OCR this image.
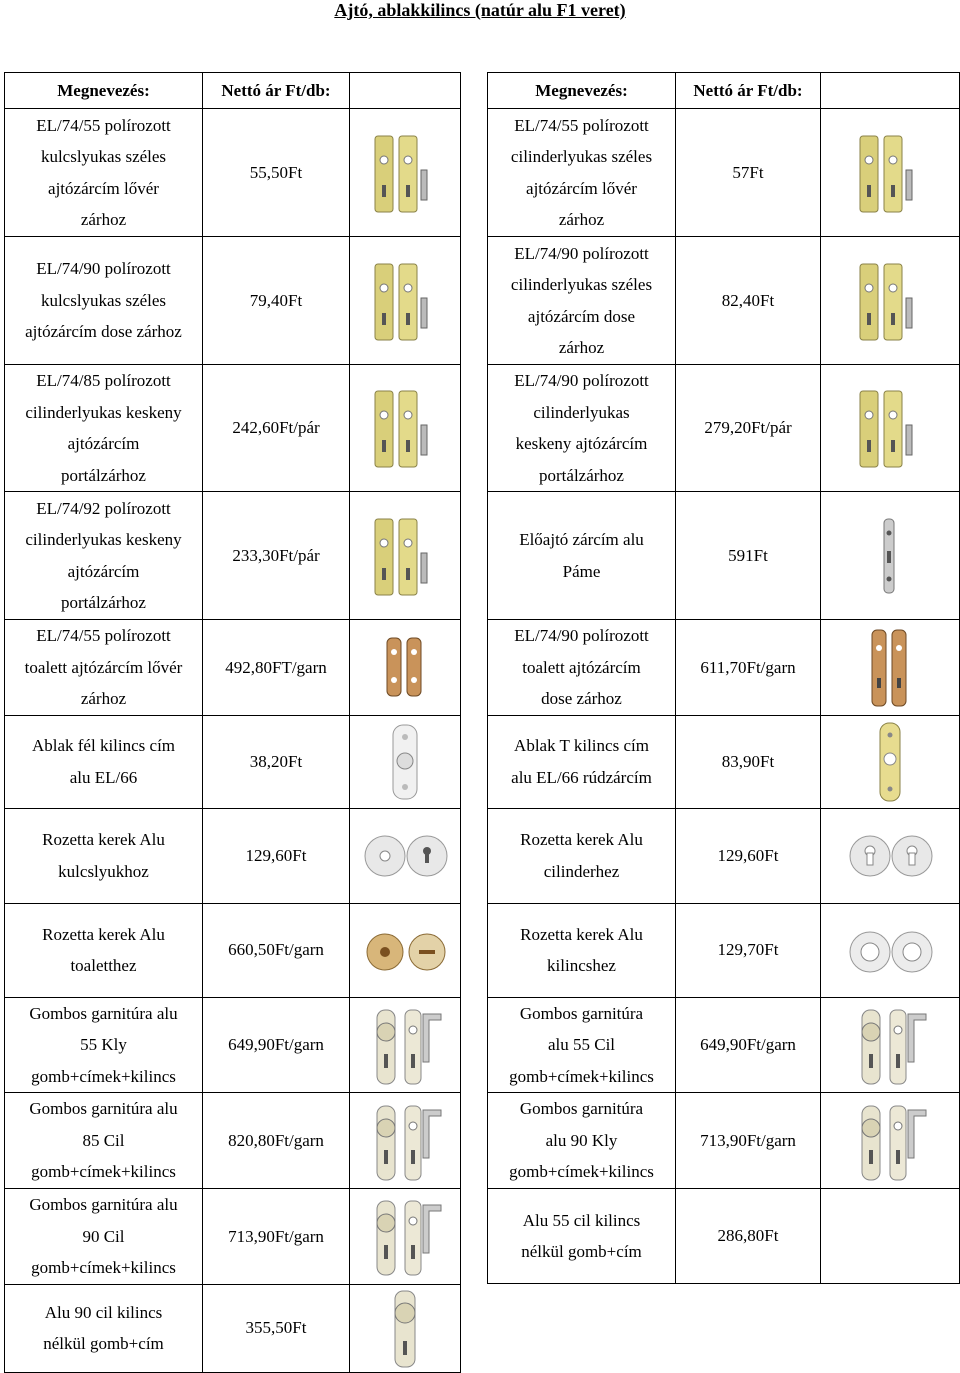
Ajtó, ablakkilincs (natúr alu F1 veret)
Megnevezés:	Nettó ár Ft/db:	

EL/74/55 polírozott
kulcslyukas széles
ajtózárcím lővér
zárhoz	55,50Ft	

EL/74/90 polírozott
kulcslyukas széles
ajtózárcím dose zárhoz	79,40Ft	

EL/74/85 polírozott
cilinderlyukas keskeny
ajtózárcím
portálzárhoz	242,60Ft/pár	

EL/74/92 polírozott
cilinderlyukas keskeny
ajtózárcím
portálzárhoz	233,30Ft/pár	

EL/74/55 polírozott
toalett ajtózárcím lővér
zárhoz	492,80FT/garn	

Ablak fél kilincs cím
alu EL/66	38,20Ft	

Rozetta kerek Alu
kulcslyukhoz	129,60Ft	

Rozetta kerek Alu
toaletthez	660,50Ft/garn	

Gombos garnitúra alu
55 Kly
gomb+címek+kilincs	649,90Ft/garn	

Gombos garnitúra alu
85 Cil
gomb+címek+kilincs	820,80Ft/garn	

Gombos garnitúra alu
90 Cil
gomb+címek+kilincs	713,90Ft/garn	

Alu 90 cil kilincs
nélkül gomb+cím	355,50Ft	
Megnevezés:	Nettó ár Ft/db:	

EL/74/55 polírozott
cilinderlyukas széles
ajtózárcím lővér
zárhoz	57Ft	

EL/74/90 polírozott
cilinderlyukas széles
ajtózárcím dose
zárhoz	82,40Ft	

EL/74/90 polírozott
cilinderlyukas
keskeny ajtózárcím
portálzárhoz	279,20Ft/pár	

Előajtó zárcím alu
Páme	591Ft	

EL/74/90 polírozott
toalett ajtózárcím
dose zárhoz	611,70Ft/garn	

Ablak T kilincs cím
alu EL/66 rúdzárcím	83,90Ft	

Rozetta kerek Alu
cilinderhez	129,60Ft	

Rozetta kerek Alu
kilincshez	129,70Ft	

Gombos garnitúra
alu 55 Cil
gomb+címek+kilincs	649,90Ft/garn	

Gombos garnitúra
alu 90 Kly
gomb+címek+kilincs	713,90Ft/garn	

Alu 55 cil kilincs
nélkül gomb+cím	286,80Ft	
